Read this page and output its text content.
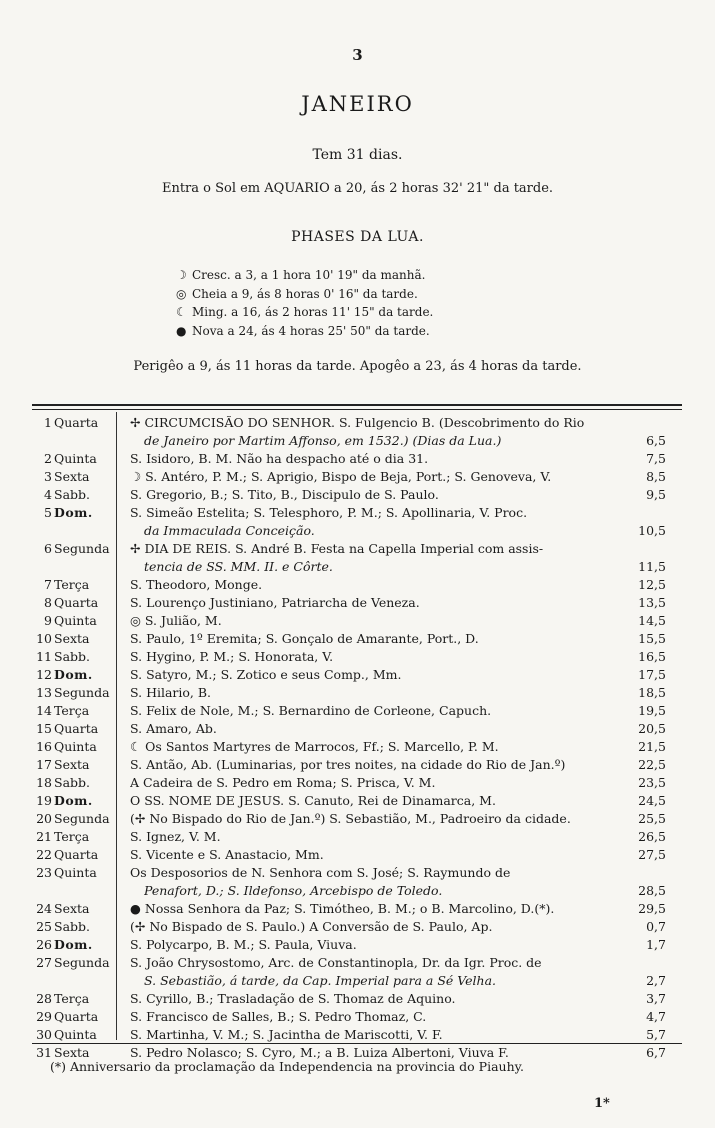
3
JANEIRO
Tem 31 dias.
Entra o Sol em AQUARIO a 20, ás 2 horas 32' 21" da tarde.
PHASES DA LUA.
☽ Cresc. a 3, a 1 hora 10' 19" da manhã.
◎ Cheia a 9, ás 8 horas 0' 16" da tarde.
☾ Ming. a 16, ás 2 horas 11' 15" da tarde.
● Nova a 24, ás 4 horas 25' 50" da tarde.
Perigêo a 9, ás 11 horas da tarde. Apogêo a 23, ás 4 horas da tarde.
1 Quarta	✢ CIRCUMCISÃO DO SENHOR. S. Fulgencio B. (Descobrimento do Rio
de Janeiro por Martim Affonso, em 1532.) (Dias da Lua.)	6,5
2 Quinta	S. Isidoro, B. M. Não ha despacho até o dia 31.	7,5
3 Sexta	☽ S. Antéro, P. M.; S. Aprigio, Bispo de Beja, Port.; S. Genoveva, V.	8,5
4 Sabb.	S. Gregorio, B.; S. Tito, B., Discipulo de S. Paulo.	9,5
5 Dom.	S. Simeão Estelita; S. Telesphoro, P. M.; S. Apollinaria, V. Proc.
da Immaculada Conceição.	10,5
6 Segunda	✢ DIA DE REIS. S. André B. Festa na Capella Imperial com assis-
tencia de SS. MM. II. e Côrte.	11,5
7 Terça	S. Theodoro, Monge.	12,5
8 Quarta	S. Lourenço Justiniano, Patriarcha de Veneza.	13,5
9 Quinta	◎ S. Julião, M.	14,5
10 Sexta	S. Paulo, 1º Eremita; S. Gonçalo de Amarante, Port., D.	15,5
11 Sabb.	S. Hygino, P. M.; S. Honorata, V.	16,5
12 Dom.	S. Satyro, M.; S. Zotico e seus Comp., Mm.	17,5
13 Segunda	S. Hilario, B.	18,5
14 Terça	S. Felix de Nole, M.; S. Bernardino de Corleone, Capuch.	19,5
15 Quarta	S. Amaro, Ab.	20,5
16 Quinta	☾ Os Santos Martyres de Marrocos, Ff.; S. Marcello, P. M.	21,5
17 Sexta	S. Antão, Ab. (Luminarias, por tres noites, na cidade do Rio de Jan.º)	22,5
18 Sabb.	A Cadeira de S. Pedro em Roma; S. Prisca, V. M.	23,5
19 Dom.	O SS. NOME DE JESUS. S. Canuto, Rei de Dinamarca, M.	24,5
20 Segunda	(✢ No Bispado do Rio de Jan.º) S. Sebastião, M., Padroeiro da cidade.	25,5
21 Terça	S. Ignez, V. M.	26,5
22 Quarta	S. Vicente e S. Anastacio, Mm.	27,5
23 Quinta	Os Desposorios de N. Senhora com S. José; S. Raymundo de
Penafort, D.; S. Ildefonso, Arcebispo de Toledo.	28,5
24 Sexta	● Nossa Senhora da Paz; S. Timótheo, B. M.; o B. Marcolino, D.(*).	29,5
25 Sabb.	(✢ No Bispado de S. Paulo.) A Conversão de S. Paulo, Ap.	0,7
26 Dom.	S. Polycarpo, B. M.; S. Paula, Viuva.	1,7
27 Segunda	S. João Chrysostomo, Arc. de Constantinopla, Dr. da Igr. Proc. de
S. Sebastião, á tarde, da Cap. Imperial para a Sé Velha.	2,7
28 Terça	S. Cyrillo, B.; Trasladação de S. Thomaz de Aquino.	3,7
29 Quarta	S. Francisco de Salles, B.; S. Pedro Thomaz, C.	4,7
30 Quinta	S. Martinha, V. M.; S. Jacintha de Mariscotti, V. F.	5,7
31 Sexta	S. Pedro Nolasco; S. Cyro, M.; a B. Luiza Albertoni, Viuva F.	6,7
(*) Anniversario da proclamação da Independencia na provincia do Piauhy.
1*
